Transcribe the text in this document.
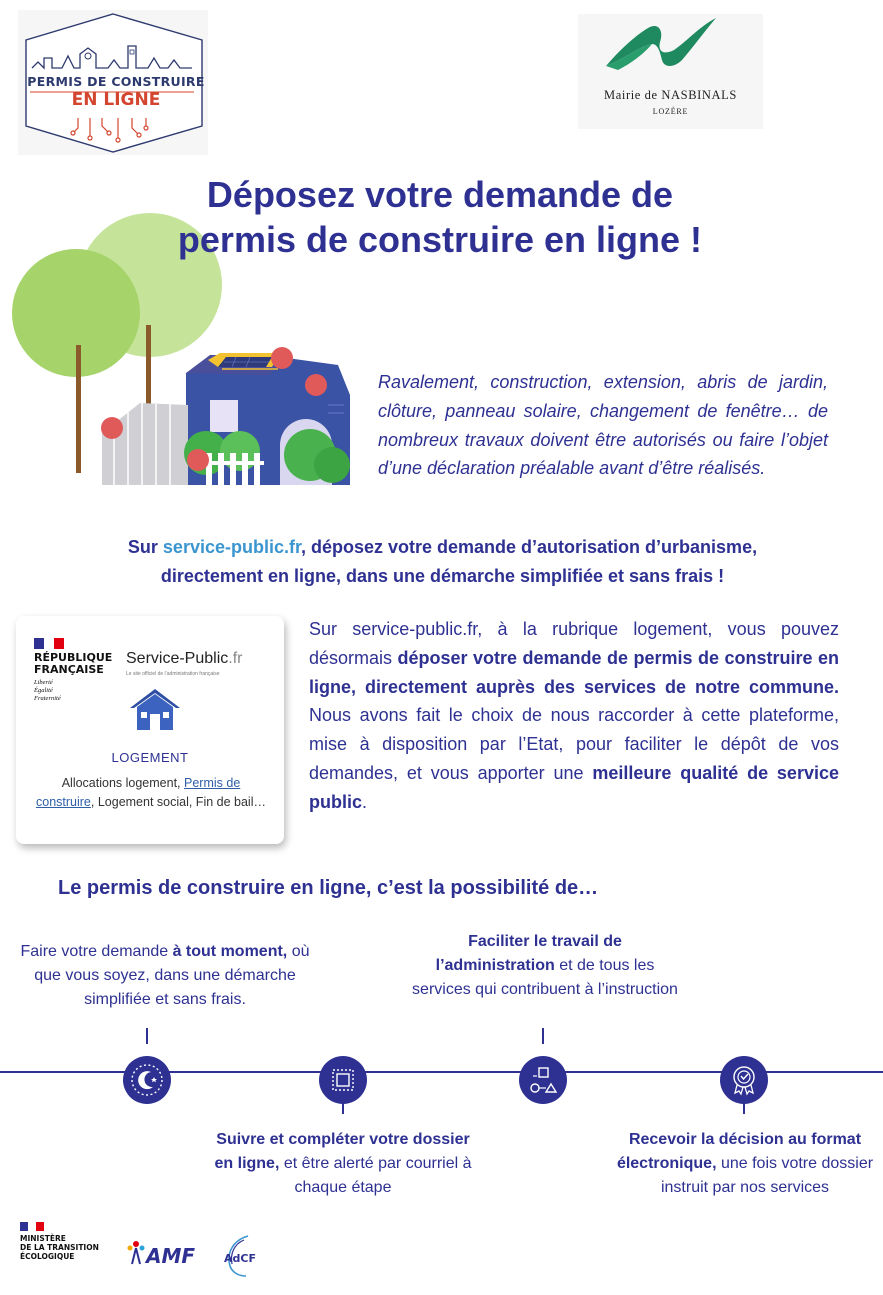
PERMIS DE CONSTRUIRE
EN LIGNE	Mairie de NASBINALS
LOZÈRE
Déposez votre demande de
permis de construire en ligne !
Ravalement, construction, extension, abris de jardin, clôture, panneau solaire, changement de fenêtre… de nombreux travaux doivent être autorisés ou faire l’objet d’une déclaration préalable avant d’être réalisés.
Sur service-public.fr, déposez votre demande d’autorisation d’urbanisme,
directement en ligne, dans une démarche simplifiée et sans frais !
RÉPUBLIQUE
FRANÇAISE
Liberté
Égalité
Fraternité
Service-Public.fr
Le site officiel de l’administration française
LOGEMENT
Allocations logement, Permis de construire, Logement social, Fin de bail…
Sur service-public.fr, à la rubrique logement, vous pouvez désormais déposer votre demande de permis de construire en ligne, directement auprès des services de notre commune. Nous avons fait le choix de nous raccorder à cette plateforme, mise à disposition par l’Etat, pour faciliter le dépôt de vos demandes, et vous apporter une meilleure qualité de service public.
Le permis de construire en ligne, c’est la possibilité de…
Faire votre demande à tout moment, où que vous soyez, dans une démarche simplifiée et sans frais.
Faciliter le travail de l’administration et de tous les services qui contribuent à l’instruction
Suivre et compléter votre dossier en ligne, et être alerté par courriel à chaque étape
Recevoir la décision au format électronique, une fois votre dossier instruit par nos services
MINISTÈRE
DE LA TRANSITION
ÉCOLOGIQUE	AMF	AdCF
